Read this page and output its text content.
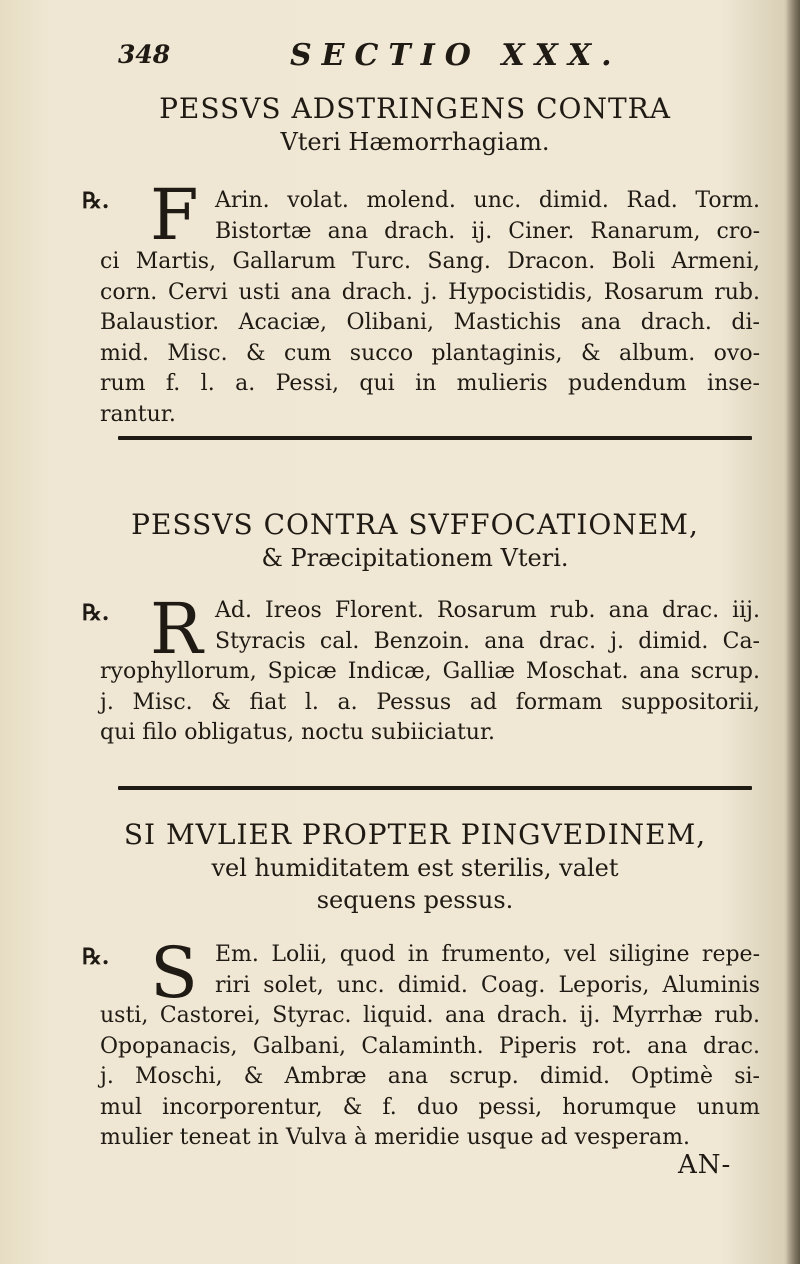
348	SECTIO XXX.
PESSVS ADSTRINGENS CONTRA
Vteri Hæmorrhagiam.
℞. F Arin. volat. molend. unc. dimid. Rad. Torm.
Bistortæ ana drach. ij. Ciner. Ranarum, cro-
ci Martis, Gallarum Turc. Sang. Dracon. Boli Armeni,
corn. Cervi usti ana drach. j. Hypocistidis, Rosarum rub.
Balaustior. Acaciæ, Olibani, Mastichis ana drach. di-
mid. Misc. & cum succo plantaginis, & album. ovo-
rum f. l. a. Pessi, qui in mulieris pudendum inse-
rantur.
PESSVS CONTRA SVFFOCATIONEM,
& Præcipitationem Vteri.
℞. R Ad. Ireos Florent. Rosarum rub. ana drac. iij.
Styracis cal. Benzoin. ana drac. j. dimid. Ca-
ryophyllorum, Spicæ Indicæ, Galliæ Moschat. ana scrup.
j. Misc. & fiat l. a. Pessus ad formam suppositorii,
qui filo obligatus, noctu subiiciatur.
SI MVLIER PROPTER PINGVEDINEM,
vel humiditatem est sterilis, valet
sequens pessus.
℞. S Em. Lolii, quod in frumento, vel siligine repe-
riri solet, unc. dimid. Coag. Leporis, Aluminis
usti, Castorei, Styrac. liquid. ana drach. ij. Myrrhæ rub.
Opopanacis, Galbani, Calaminth. Piperis rot. ana drac.
j. Moschi, & Ambræ ana scrup. dimid. Optimè si-
mul incorporentur, & f. duo pessi, horumque unum
mulier teneat in Vulva à meridie usque ad vesperam.
AN-
